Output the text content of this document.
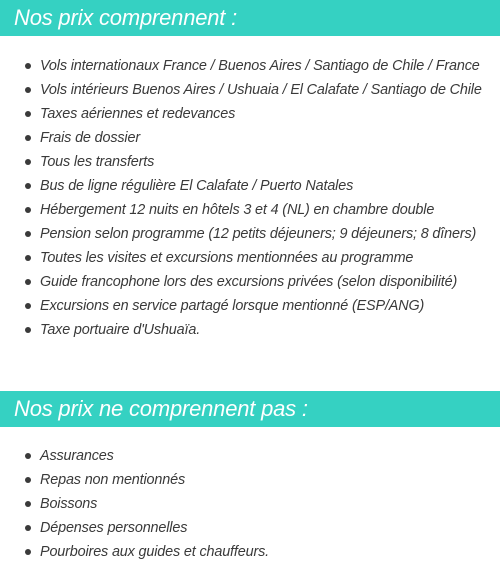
Nos prix comprennent :
Vols internationaux France / Buenos Aires / Santiago de Chile / France
Vols intérieurs Buenos Aires / Ushuaia / El Calafate / Santiago de Chile
Taxes aériennes et redevances
Frais de dossier
Tous les transferts
Bus de ligne régulière El Calafate / Puerto Natales
Hébergement 12 nuits en hôtels 3 et 4 (NL) en chambre double
Pension selon programme (12 petits déjeuners; 9 déjeuners; 8 dîners)
Toutes les visites et excursions mentionnées au programme
Guide francophone lors des excursions privées (selon disponibilité)
Excursions en service partagé lorsque mentionné (ESP/ANG)
Taxe portuaire d'Ushuaïa.
Nos prix ne comprennent pas :
Assurances
Repas non mentionnés
Boissons
Dépenses personnelles
Pourboires aux guides et chauffeurs.
